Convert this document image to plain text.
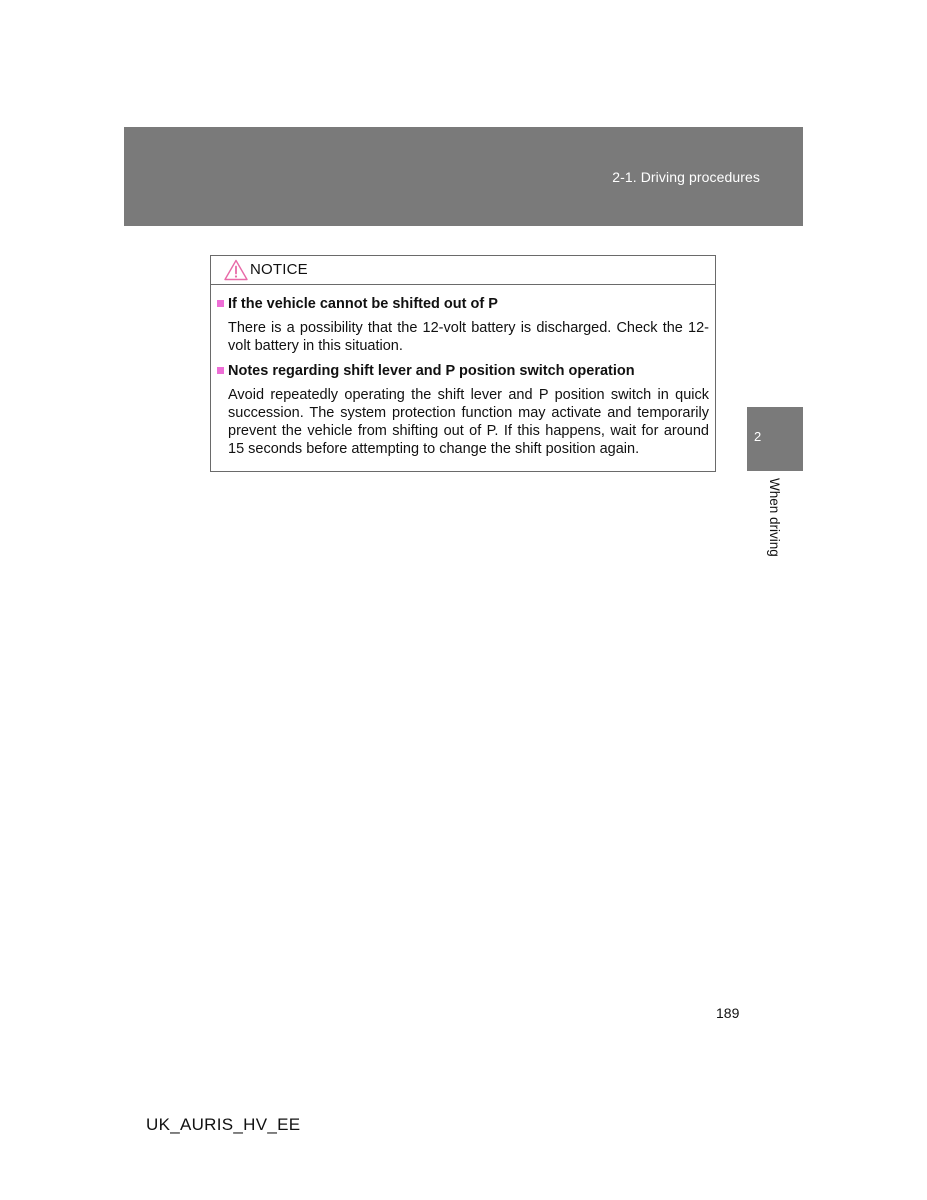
2-1. Driving procedures
NOTICE
If the vehicle cannot be shifted out of P
There is a possibility that the 12-volt battery is discharged. Check the 12-volt battery in this situation.
Notes regarding shift lever and P position switch operation
Avoid repeatedly operating the shift lever and P position switch in quick succession. The system protection function may activate and temporarily prevent the vehicle from shifting out of P. If this happens, wait for around 15 seconds before attempting to change the shift position again.
2
When driving
189
UK_AURIS_HV_EE
